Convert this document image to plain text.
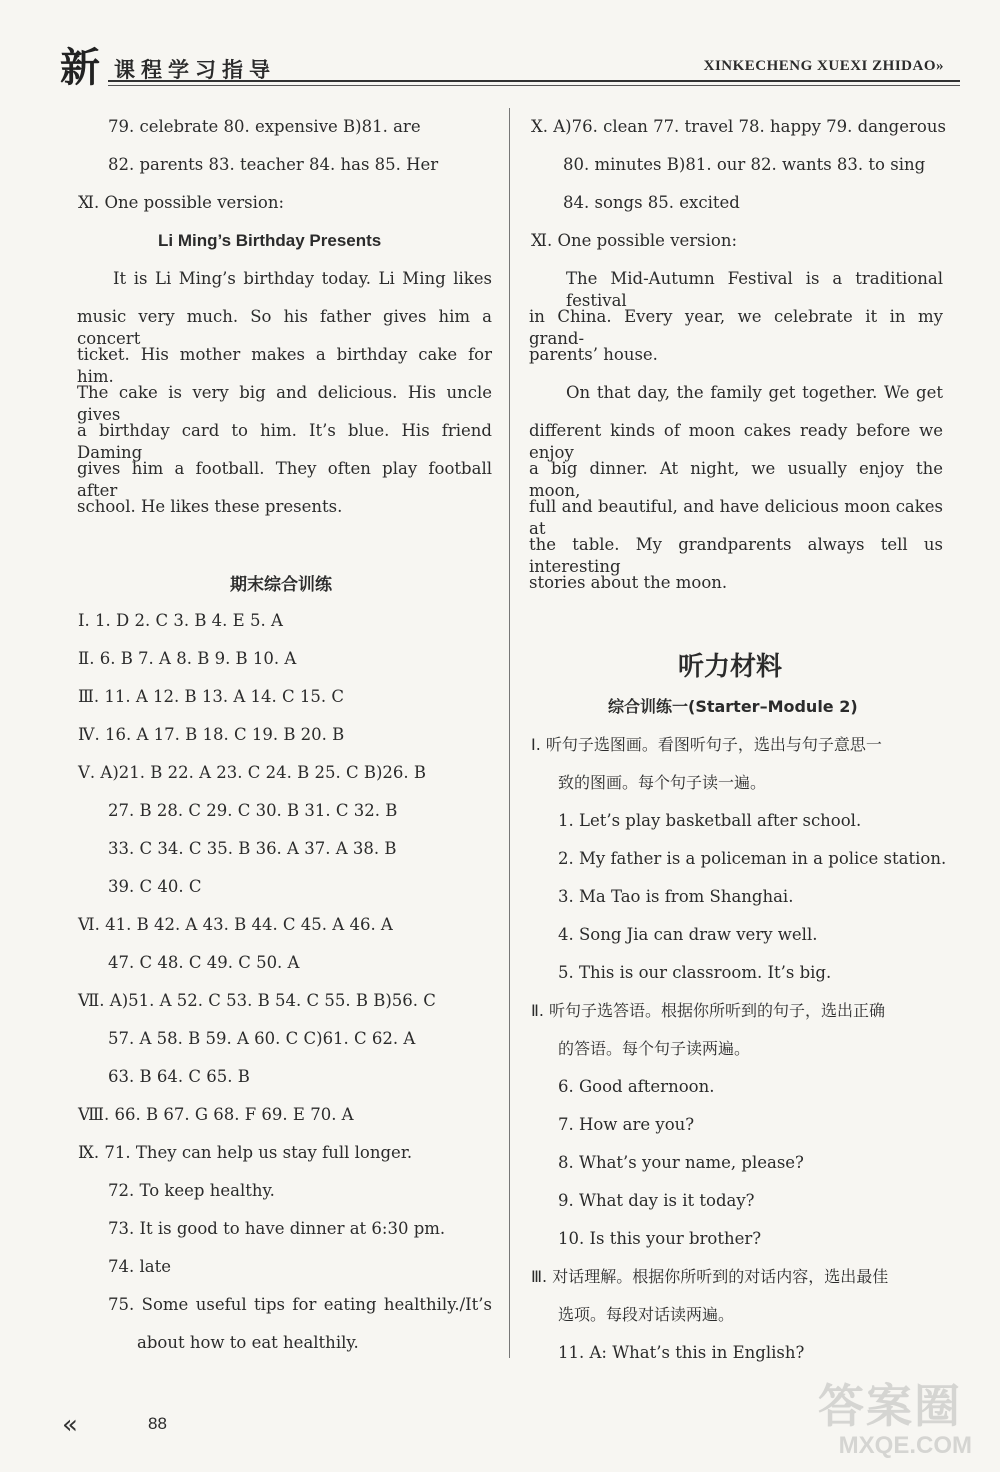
新 课程学习指导	XINKECHENG XUEXI ZHIDAO»
79. celebrate 80. expensive B)81. are
82. parents 83. teacher 84. has 85. Her
Ⅺ. One possible version:
Li Ming’s Birthday Presents
It is Li Ming’s birthday today. Li Ming likes
music very much. So his father gives him a concert
ticket. His mother makes a birthday cake for him.
The cake is very big and delicious. His uncle gives
a birthday card to him. It’s blue. His friend Daming
gives him a football. They often play football after
school. He likes these presents.
期末综合训练
Ⅰ. 1. D 2. C 3. B 4. E 5. A
Ⅱ. 6. B 7. A 8. B 9. B 10. A
Ⅲ. 11. A 12. B 13. A 14. C 15. C
Ⅳ. 16. A 17. B 18. C 19. B 20. B
Ⅴ. A)21. B 22. A 23. C 24. B 25. C B)26. B
27. B 28. C 29. C 30. B 31. C 32. B
33. C 34. C 35. B 36. A 37. A 38. B
39. C 40. C
Ⅵ. 41. B 42. A 43. B 44. C 45. A 46. A
47. C 48. C 49. C 50. A
Ⅶ. A)51. A 52. C 53. B 54. C 55. B B)56. C
57. A 58. B 59. A 60. C C)61. C 62. A
63. B 64. C 65. B
Ⅷ. 66. B 67. G 68. F 69. E 70. A
Ⅸ. 71. They can help us stay full longer.
72. To keep healthy.
73. It is good to have dinner at 6:30 pm.
74. late
75. Some useful tips for eating healthily./It’s
about how to eat healthily.
Ⅹ. A)76. clean 77. travel 78. happy 79. dangerous
80. minutes B)81. our 82. wants 83. to sing
84. songs 85. excited
Ⅺ. One possible version:
The Mid-Autumn Festival is a traditional festival
in China. Every year, we celebrate it in my grand-
parents’ house.
On that day, the family get together. We get
different kinds of moon cakes ready before we enjoy
a big dinner. At night, we usually enjoy the moon,
full and beautiful, and have delicious moon cakes at
the table. My grandparents always tell us interesting
stories about the moon.
听力材料
综合训练一(Starter–Module 2)
Ⅰ. 听句子选图画。看图听句子，选出与句子意思一
致的图画。每个句子读一遍。
1. Let’s play basketball after school.
2. My father is a policeman in a police station.
3. Ma Tao is from Shanghai.
4. Song Jia can draw very well.
5. This is our classroom. It’s big.
Ⅱ. 听句子选答语。根据你所听到的句子，选出正确
的答语。每个句子读两遍。
6. Good afternoon.
7. How are you?
8. What’s your name, please?
9. What day is it today?
10. Is this your brother?
Ⅲ. 对话理解。根据你所听到的对话内容，选出最佳
选项。每段对话读两遍。
11. A: What’s this in English?
«	88	答案圈
MXQE.COM
